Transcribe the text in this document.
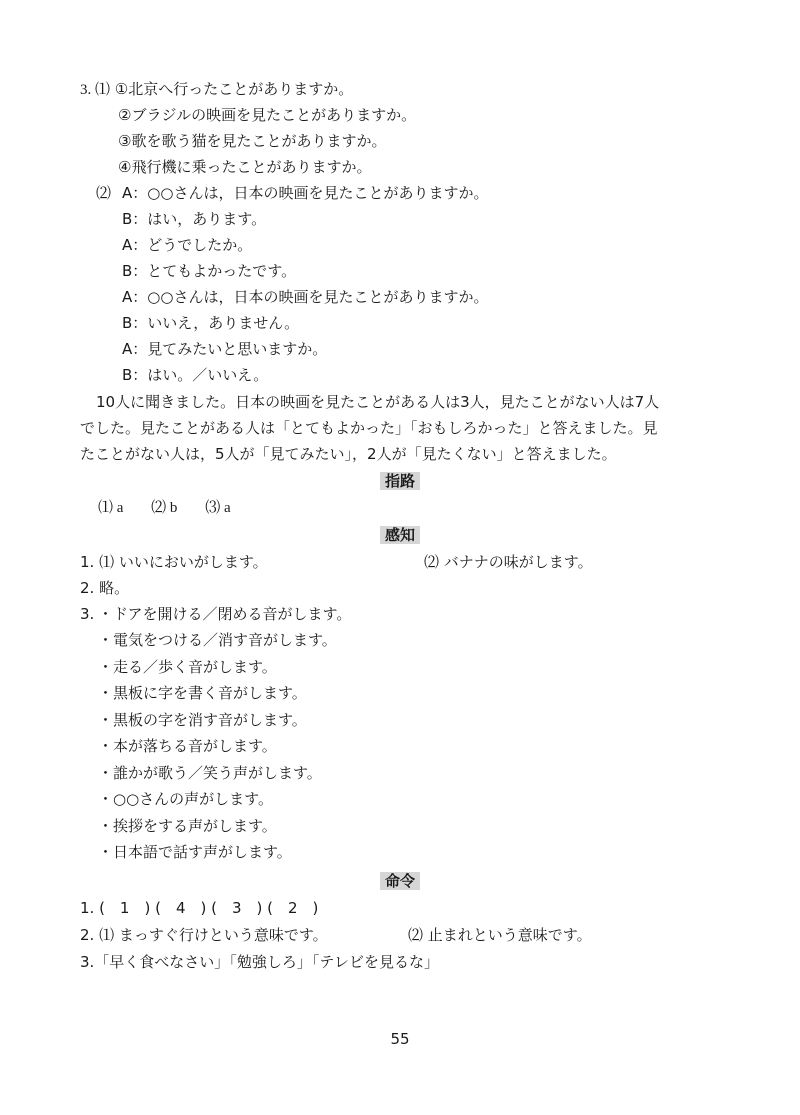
3. ⑴ ①北京へ行ったことがありますか。
②ブラジルの映画を見たことがありますか。
③歌を歌う猫を見たことがありますか。
④飛行機に乗ったことがありますか。
⑵ A：○○さんは，日本の映画を見たことがありますか。
B：はい，あります。
A：どうでしたか。
B：とてもよかったです。
A：○○さんは，日本の映画を見たことがありますか。
B：いいえ，ありません。
A：見てみたいと思いますか。
B：はい。／いいえ。
10人に聞きました。日本の映画を見たことがある人は3人，見たことがない人は7人
でした。見たことがある人は「とてもよかった」「おもしろかった」と答えました。見
たことがない人は，5人が「見てみたい」，2人が「見たくない」と答えました。
指路
⑴ a ⑵ b ⑶ a
感知
1. ⑴ いいにおいがします。	⑵ バナナの味がします。
2. 略。
3. ・ドアを開ける／閉める音がします。
・電気をつける／消す音がします。
・走る／歩く音がします。
・黒板に字を書く音がします。
・黒板の字を消す音がします。
・本が落ちる音がします。
・誰かが歌う／笑う声がします。
・○○さんの声がします。
・挨拶をする声がします。
・日本語で話す声がします。
命令
1. (　1　) (　4　) (　3　) (　2　)
2. ⑴ まっすぐ行けという意味です。	⑵ 止まれという意味です。
3.「早く食べなさい」「勉強しろ」「テレビを見るな」
55
